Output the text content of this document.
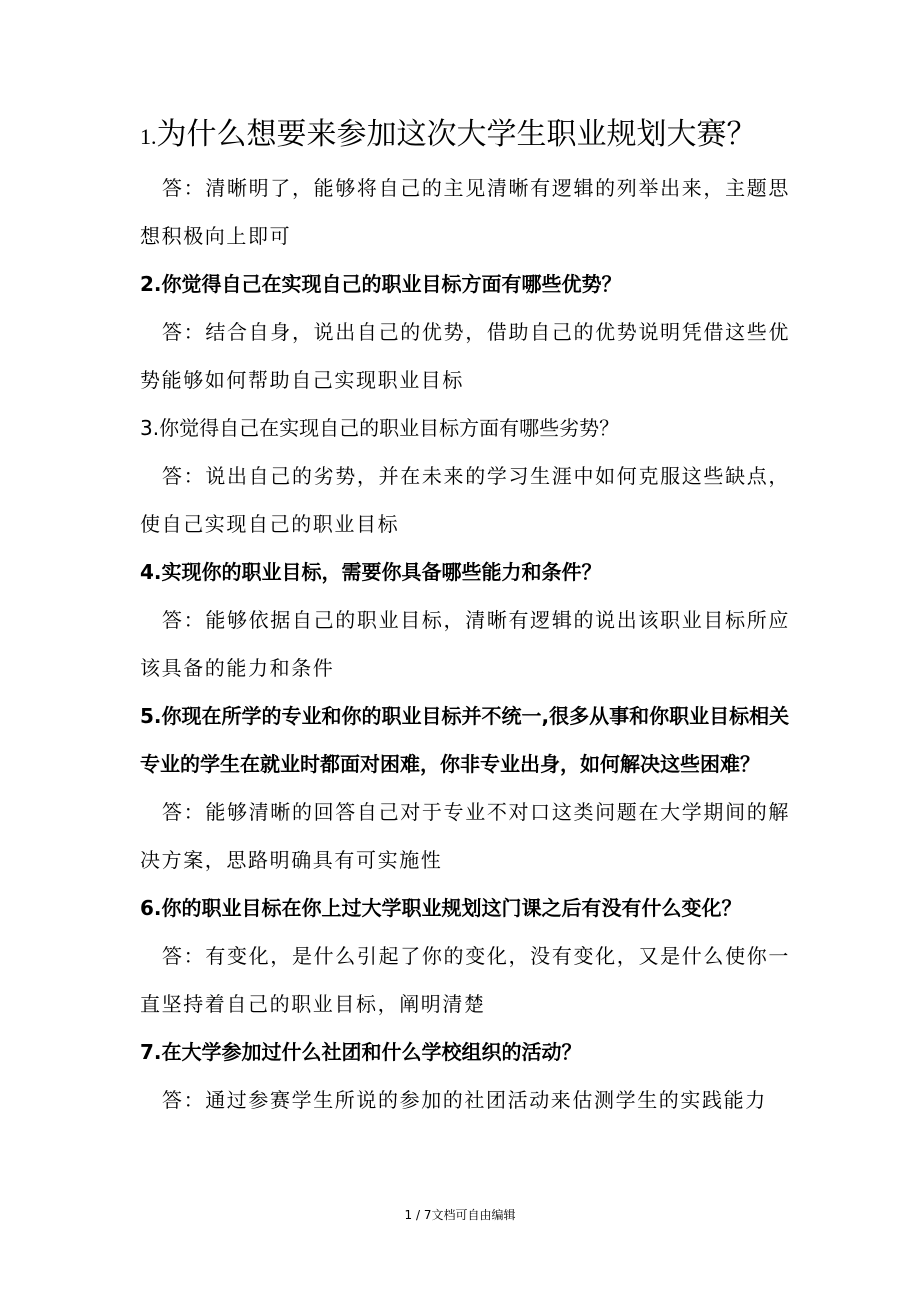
1.为什么想要来参加这次大学生职业规划大赛？

答：清晰明了，能够将自己的主见清晰有逻辑的列举出来，主题思想积极向上即可

2.你觉得自己在实现自己的职业目标方面有哪些优势？

答：结合自身，说出自己的优势，借助自己的优势说明凭借这些优势能够如何帮助自己实现职业目标

3.你觉得自己在实现自己的职业目标方面有哪些劣势？

答：说出自己的劣势，并在未来的学习生涯中如何克服这些缺点，使自己实现自己的职业目标

4.实现你的职业目标，需要你具备哪些能力和条件？

答：能够依据自己的职业目标，清晰有逻辑的说出该职业目标所应该具备的能力和条件

5.你现在所学的专业和你的职业目标并不统一,很多从事和你职业目标相关专业的学生在就业时都面对困难，你非专业出身，如何解决这些困难？

答：能够清晰的回答自己对于专业不对口这类问题在大学期间的解决方案，思路明确具有可实施性

6.你的职业目标在你上过大学职业规划这门课之后有没有什么变化？

答：有变化，是什么引起了你的变化，没有变化，又是什么使你一直坚持着自己的职业目标，阐明清楚

7.在大学参加过什么社团和什么学校组织的活动？

答：通过参赛学生所说的参加的社团活动来估测学生的实践能力

1 / 7文档可自由编辑
